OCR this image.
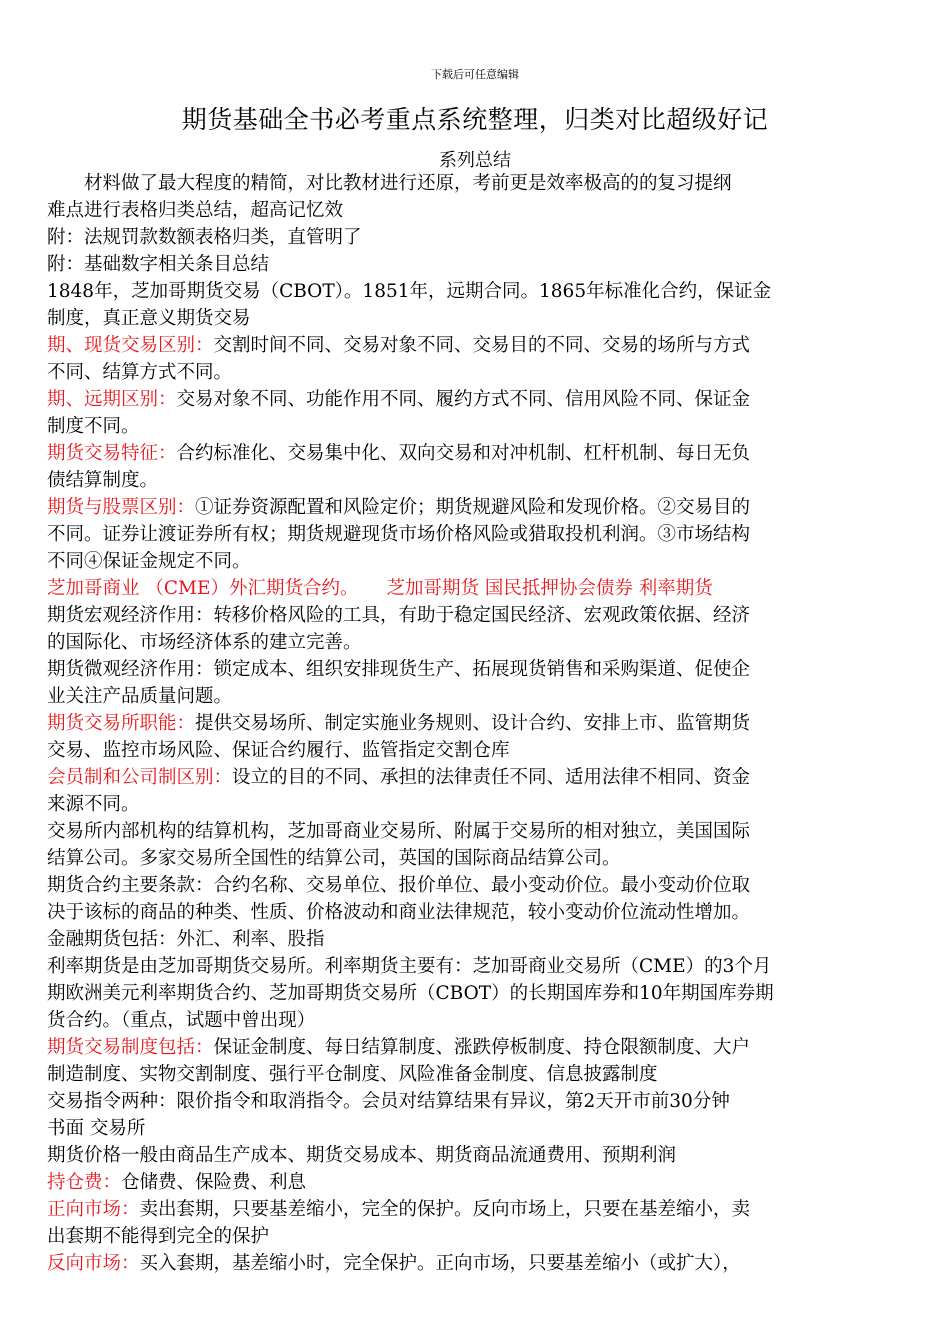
下载后可任意编辑
期货基础全书必考重点系统整理，归类对比超级好记
系列总结

材料做了最大程度的精简，对比教材进行还原，考前更是效率极高的的复习提纲
难点进行表格归类总结，超高记忆效

附：法规罚款数额表格归类，直管明了

附：基础数字相关条目总结

1848年，芝加哥期货交易（CBOT）。1851年，远期合同。1865年标准化合约，保证金
制度，真正意义期货交易

期、现货交易区别：交割时间不同、交易对象不同、交易目的不同、交易的场所与方式
不同、结算方式不同。

期、远期区别：交易对象不同、功能作用不同、履约方式不同、信用风险不同、保证金
制度不同。

期货交易特征：合约标准化、交易集中化、双向交易和对冲机制、杠杆机制、每日无负
债结算制度。

期货与股票区别：①证券资源配置和风险定价；期货规避风险和发现价格。②交易目的
不同。证券让渡证券所有权；期货规避现货市场价格风险或猎取投机利润。③市场结构
不同④保证金规定不同。

芝加哥商业 （CME）外汇期货合约。 芝加哥期货 国民抵押协会债券 利率期货

期货宏观经济作用：转移价格风险的工具，有助于稳定国民经济、宏观政策依据、经济
的国际化、市场经济体系的建立完善。

期货微观经济作用：锁定成本、组织安排现货生产、拓展现货销售和采购渠道、促使企
业关注产品质量问题。

期货交易所职能：提供交易场所、制定实施业务规则、设计合约、安排上市、监管期货
交易、监控市场风险、保证合约履行、监管指定交割仓库

会员制和公司制区别：设立的目的不同、承担的法律责任不同、适用法律不相同、资金
来源不同。

交易所内部机构的结算机构，芝加哥商业交易所、附属于交易所的相对独立，美国国际
结算公司。多家交易所全国性的结算公司，英国的国际商品结算公司。

期货合约主要条款：合约名称、交易单位、报价单位、最小变动价位。最小变动价位取
决于该标的商品的种类、性质、价格波动和商业法律规范，较小变动价位流动性增加。

金融期货包括：外汇、利率、股指

利率期货是由芝加哥期货交易所。利率期货主要有：芝加哥商业交易所（CME）的3个月
期欧洲美元利率期货合约、芝加哥期货交易所（CBOT）的长期国库券和10年期国库券期
货合约。（重点，试题中曾出现）

期货交易制度包括：保证金制度、每日结算制度、涨跌停板制度、持仓限额制度、大户
制造制度、实物交割制度、强行平仓制度、风险准备金制度、信息披露制度

交易指令两种：限价指令和取消指令。会员对结算结果有异议，第2天开市前30分钟
书面 交易所

期货价格一般由商品生产成本、期货交易成本、期货商品流通费用、预期利润

持仓费：仓储费、保险费、利息

正向市场：卖出套期，只要基差缩小，完全的保护。反向市场上，只要在基差缩小，卖
出套期不能得到完全的保护

反向市场：买入套期，基差缩小时，完全保护。正向市场，只要基差缩小（或扩大），
